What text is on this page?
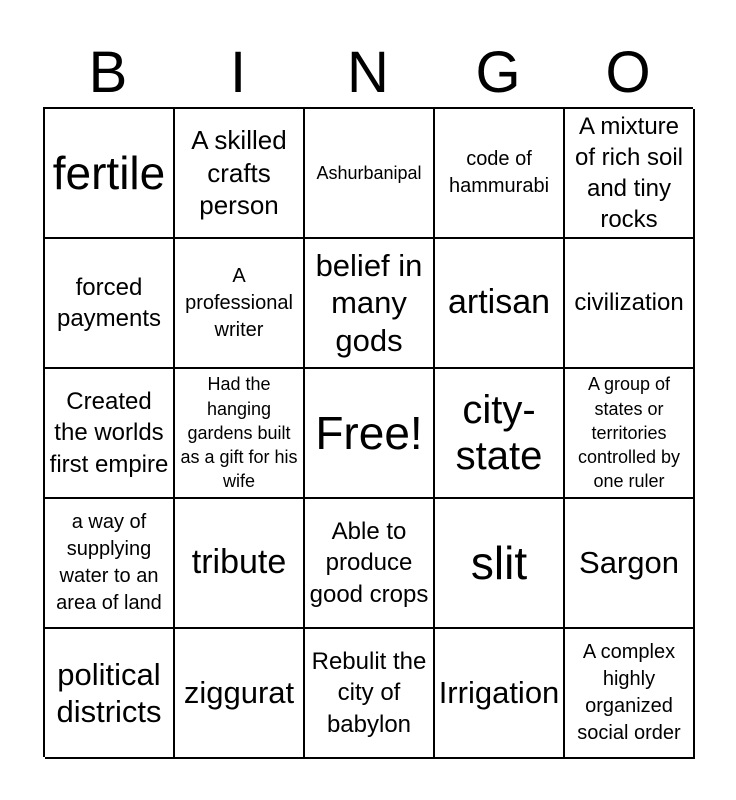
B	I	N	G	O
fertile
A skilled crafts person
Ashurbanipal
code of hammurabi
A mixture of rich soil and tiny rocks
forced payments
A professional writer
belief in many gods
artisan	civilization
Created the worlds first empire
Had the hanging gardens built as a gift for his wife
Free! city-state
A group of states or territories controlled by one ruler
a way of supplying water to an area of land
tribute
Able to produce good crops
slit	Sargon
political districts
ziggurat
Rebulit the city of babylon
Irrigation
A complex highly organized social order
